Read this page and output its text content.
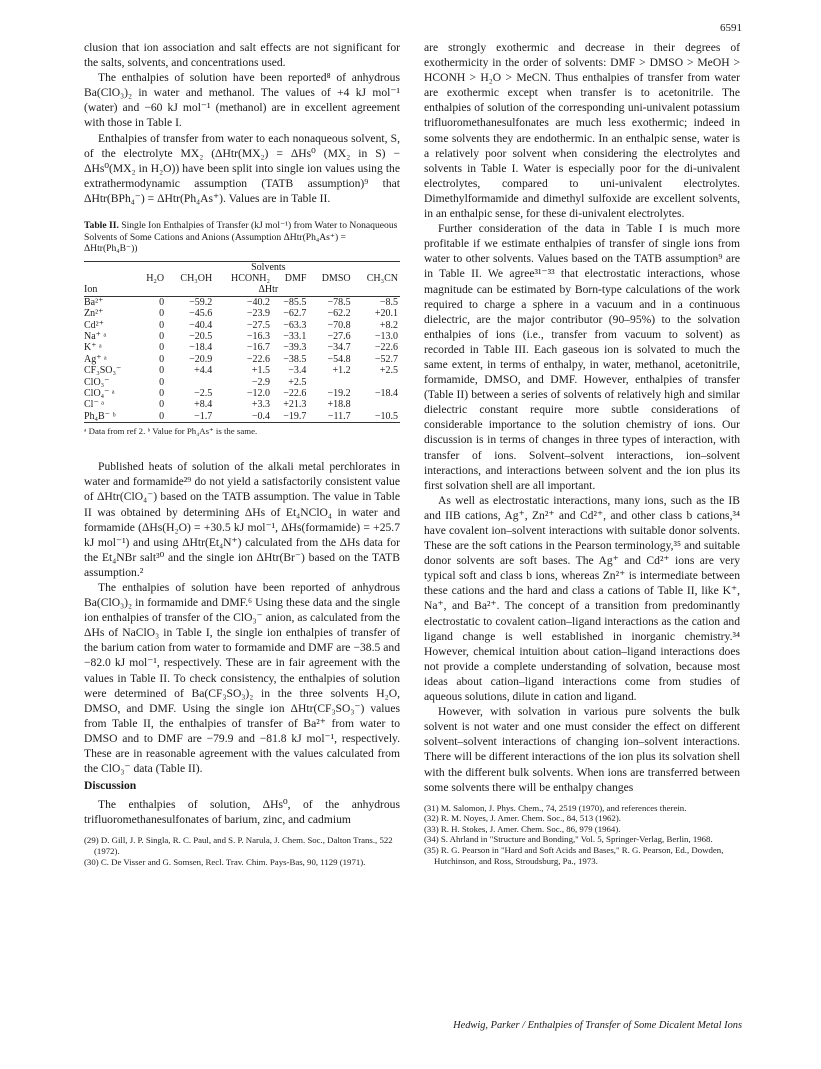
6591

clusion that ion association and salt effects are not significant for the salts, solvents, and concentrations used.

The enthalpies of solution have been reported⁸ of anhydrous Ba(ClO₃)₂ in water and methanol. The values of +4 kJ mol⁻¹ (water) and −60 kJ mol⁻¹ (methanol) are in excellent agreement with those in Table I.

Enthalpies of transfer from water to each nonaqueous solvent, S, of the electrolyte MX₂ (ΔHtr(MX₂) = ΔHs⁰ (MX₂ in S) − ΔHs⁰(MX₂ in H₂O)) have been split into single ion values using the extrathermodynamic assumption (TATB assumption)⁹ that ΔHtr(BPh₄⁻) = ΔHtr(Ph₄As⁺). Values are in Table II.

Table II. Single Ion Enthalpies of Transfer (kJ mol⁻¹) from Water to Nonaqueous Solvents of Some Cations and Anions (Assumption ΔHtr(Ph₄As⁺) = ΔHtr(Ph₄B⁻))
	Solvents					
	H₂O	CH₃OH	HCONH₂	DMF	DMSO	CH₃CN
Ion	ΔHtr					
Ba²⁺	0	−59.2	−40.2	−85.5	−78.5	−8.5
Zn²⁺	0	−45.6	−23.9	−62.7	−62.2	+20.1
Cd²⁺	0	−40.4	−27.5	−63.3	−70.8	+8.2
Na⁺ ᵃ	0	−20.5	−16.3	−33.1	−27.6	−13.0
K⁺ ᵃ	0	−18.4	−16.7	−39.3	−34.7	−22.6
Ag⁺ ᵃ	0	−20.9	−22.6	−38.5	−54.8	−52.7
CF₃SO₃⁻	0	+4.4	+1.5	−3.4	+1.2	+2.5
ClO₃⁻	0		−2.9	+2.5		
ClO₄⁻ ᵃ	0	−2.5	−12.0	−22.6	−19.2	−18.4
Cl⁻ ᵃ	0	+8.4	+3.3	+21.3	+18.8	
Ph₄B⁻ ᵇ	0	−1.7	−0.4	−19.7	−11.7	−10.5
ᵃ Data from ref 2. ᵇ Value for Ph₄As⁺ is the same.

Published heats of solution of the alkali metal perchlorates in water and formamide²⁹ do not yield a satisfactorily consistent value of ΔHtr(ClO₄⁻) based on the TATB assumption. The value in Table II was obtained by determining ΔHs of Et₄NClO₄ in water and formamide (ΔHs(H₂O) = +30.5 kJ mol⁻¹, ΔHs(formamide) = +25.7 kJ mol⁻¹) and using ΔHtr(Et₄N⁺) calculated from the ΔHs data for the Et₄NBr salt³⁰ and the single ion ΔHtr(Br⁻) based on the TATB assumption.²

The enthalpies of solution have been reported of anhydrous Ba(ClO₃)₂ in formamide and DMF.⁶ Using these data and the single ion enthalpies of transfer of the ClO₃⁻ anion, as calculated from the ΔHs of NaClO₃ in Table I, the single ion enthalpies of transfer of the barium cation from water to formamide and DMF are −38.5 and −82.0 kJ mol⁻¹, respectively. These are in fair agreement with the values in Table II. To check consistency, the enthalpies of solution were determined of Ba(CF₃SO₃)₂ in the three solvents H₂O, DMSO, and DMF. Using the single ion ΔHtr(CF₃SO₃⁻) values from Table II, the enthalpies of transfer of Ba²⁺ from water to DMSO and to DMF are −79.9 and −81.8 kJ mol⁻¹, respectively. These are in reasonable agreement with the values calculated from the ClO₃⁻ data (Table II).

Discussion

The enthalpies of solution, ΔHs⁰, of the anhydrous trifluoromethanesulfonates of barium, zinc, and cadmium

(29) D. Gill, J. P. Singla, R. C. Paul, and S. P. Narula, J. Chem. Soc., Dalton Trans., 522 (1972).
(30) C. De Visser and G. Somsen, Recl. Trav. Chim. Pays-Bas, 90, 1129 (1971).

are strongly exothermic and decrease in their degrees of exothermicity in the order of solvents: DMF > DMSO > MeOH > HCONH > H₂O > MeCN. Thus enthalpies of transfer from water are exothermic except when transfer is to acetonitrile. The enthalpies of solution of the corresponding uni-univalent potassium trifluoromethanesulfonates are much less exothermic; indeed in some solvents they are endothermic. In an enthalpic sense, water is a relatively poor solvent when considering the electrolytes and solvents in Table I. Water is especially poor for the di-univalent electrolytes, compared to uni-univalent electrolytes. Dimethylformamide and dimethyl sulfoxide are excellent solvents, in an enthalpic sense, for these di-univalent electrolytes.

Further consideration of the data in Table I is much more profitable if we estimate enthalpies of transfer of single ions from water to other solvents. Values based on the TATB assumption⁹ are in Table II. We agree³¹⁻³³ that electrostatic interactions, whose magnitude can be estimated by Born-type calculations of the work required to charge a sphere in a vacuum and in a continuous dielectric, are the major contributor (90–95%) to the solvation enthalpies of ions (i.e., transfer from vacuum to solvent) as recorded in Table III. Each gaseous ion is solvated to much the same extent, in terms of enthalpy, in water, methanol, acetonitrile, formamide, DMSO, and DMF. However, enthalpies of transfer (Table II) between a series of solvents of relatively high and similar dielectric constant require more subtle considerations of considerable importance to the solution chemistry of ions. Our discussion is in terms of changes in three types of interaction, with transfer of ions. Solvent–solvent interactions, ion–solvent interactions, and interactions between solvent and the ion plus its first solvation shell are all important.

As well as electrostatic interactions, many ions, such as the IB and IIB cations, Ag⁺, Zn²⁺ and Cd²⁺, and other class b cations,³⁴ have covalent ion–solvent interactions with suitable donor solvents. These are the soft cations in the Pearson terminology,³⁵ and suitable donor solvents are soft bases. The Ag⁺ and Cd²⁺ ions are very typical soft and class b ions, whereas Zn²⁺ is intermediate between these cations and the hard and class a cations of Table II, like K⁺, Na⁺, and Ba²⁺. The concept of a transition from predominantly electrostatic to covalent cation–ligand interactions as the cation and ligand change is well established in inorganic chemistry.³⁴ However, chemical intuition about cation–ligand interactions does not provide a complete understanding of solvation, because most ideas about cation–ligand interactions come from studies of aqueous solutions, dilute in cation and ligand.

However, with solvation in various pure solvents the bulk solvent is not water and one must consider the effect on different solvent–solvent interactions of changing ion–solvent interactions. There will be different interactions of the ion plus its solvation shell with the different bulk solvents. When ions are transferred between some solvents there will be enthalpy changes

(31) M. Salomon, J. Phys. Chem., 74, 2519 (1970), and references therein.
(32) R. M. Noyes, J. Amer. Chem. Soc., 84, 513 (1962).
(33) R. H. Stokes, J. Amer. Chem. Soc., 86, 979 (1964).
(34) S. Ahrland in "Structure and Bonding," Vol. 5, Springer-Verlag, Berlin, 1968.
(35) R. G. Pearson in "Hard and Soft Acids and Bases," R. G. Pearson, Ed., Dowden, Hutchinson, and Ross, Stroudsburg, Pa., 1973.
Hedwig, Parker / Enthalpies of Transfer of Some Dicalent Metal Ions
